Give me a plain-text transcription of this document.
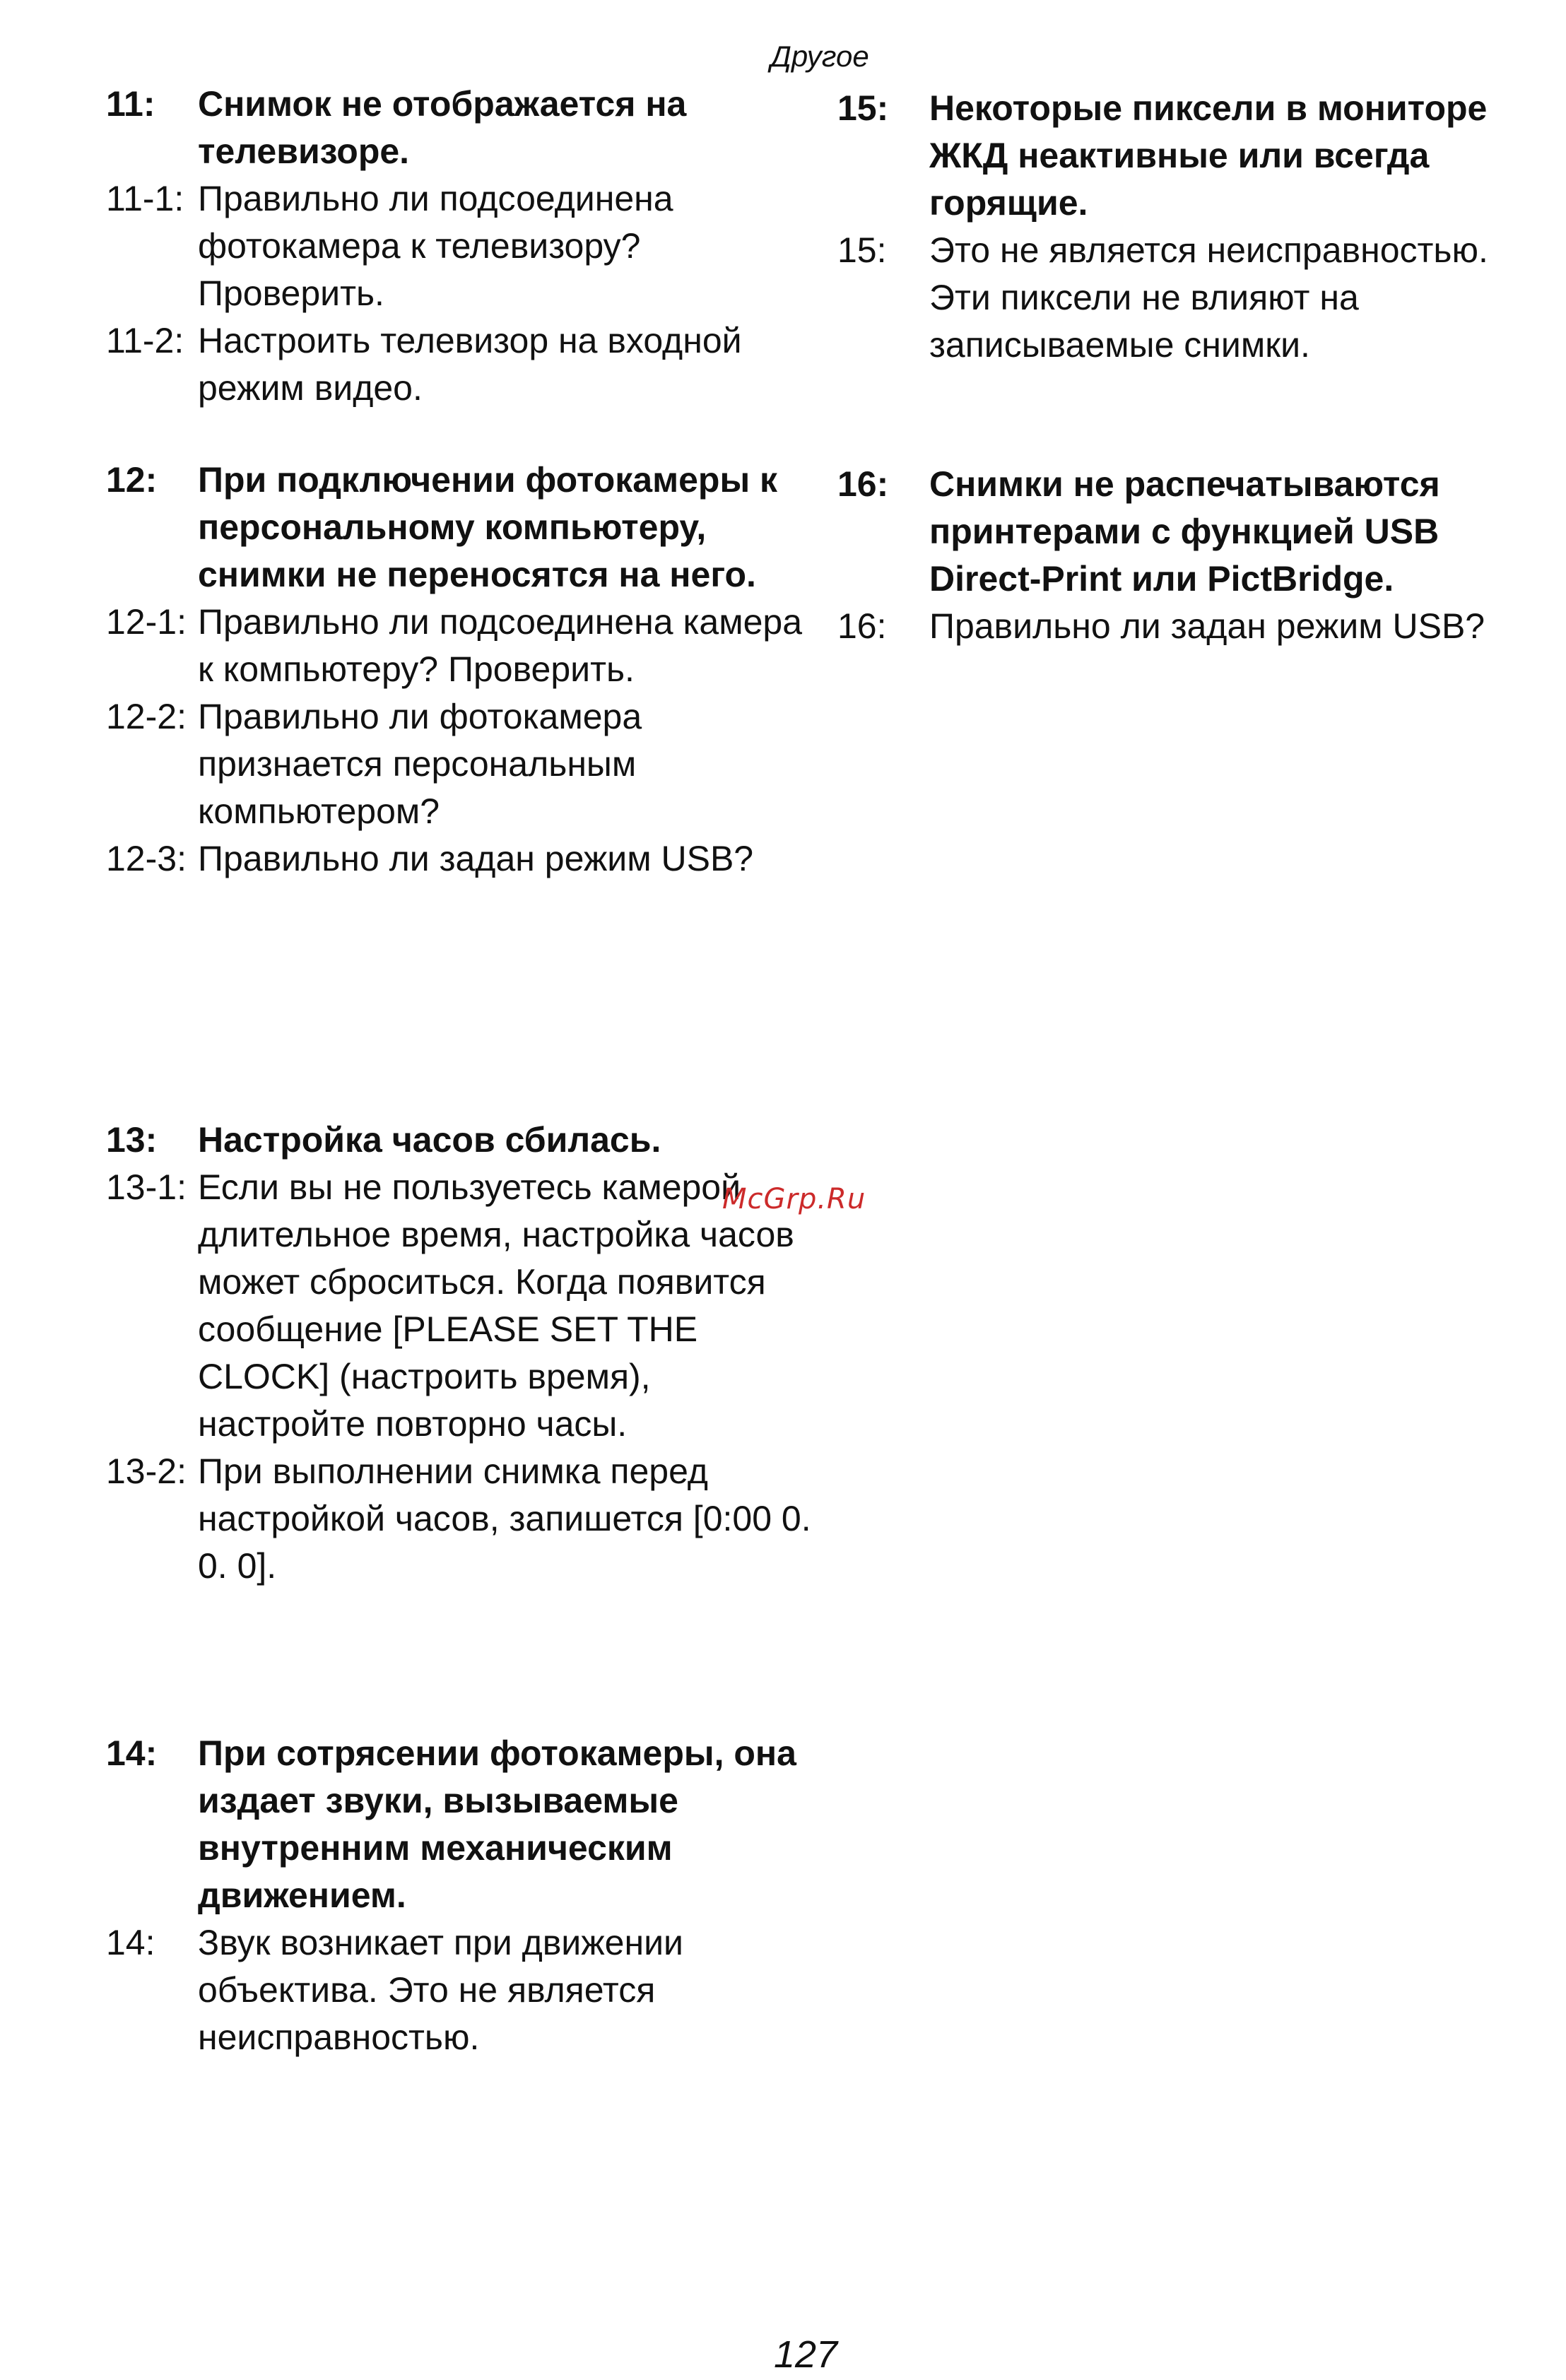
Другое
11:	Снимок не отображается на телевизоре.
11-1: Правильно ли подсоединена фотокамера к телевизору? Проверить.
11-2: Настроить телевизор на входной режим видео.
12:	При подключении фотокамеры к персональному компьютеру, снимки не переносятся на него.
12-1: Правильно ли подсоединена камера к компьютеру? Проверить.
12-2: Правильно ли фотокамера признается персональным компьютером?
12-3: Правильно ли задан режим USB?
13:	Настройка часов сбилась.
13-1: Если вы не пользуетесь камерой длительное время, настройка часов может сброситься. Когда появится сообщение [PLEASE SET THE CLOCK] (настроить время), настройте повторно часы.
13-2: При выполнении снимка перед настройкой часов, запишется [0:00 0. 0. 0].
14:	При сотрясении фотокамеры, она издает звуки, вызываемые внутренним механическим движением.
14:	Звук возникает при движении объектива. Это не является неисправностью.
15:	Некоторые пиксели в мониторе ЖКД неактивные или всегда горящие.
15:	Это не является неисправностью. Эти пиксели не влияют на записываемые снимки.
16:	Снимки не распечатываются принтерами с функцией USB Direct-Print или PictBridge.
16:	Правильно ли задан режим USB?
McGrp.Ru
127
